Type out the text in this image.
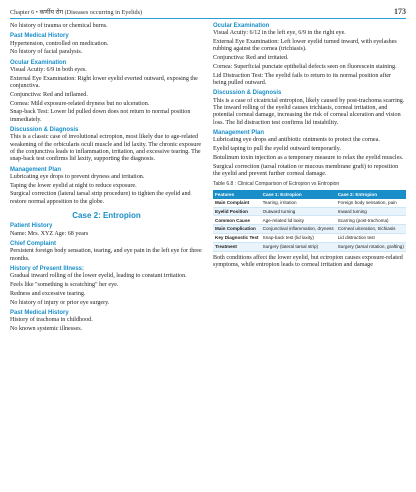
Chapter 6 • कर्णीय रोग (Diseases occurring in Eyelids)	173

No history of trauma or chemical burns.

Past Medical History

Hypertension, controlled on medication.

No history of facial paralysis.

Ocular Examination

Visual Acuity: 6/9 in both eyes.

External Eye Examination: Right lower eyelid everted outward, exposing the conjunctiva.

Conjunctiva: Red and inflamed.

Cornea: Mild exposure-related dryness but no ulceration.

Snap-back Test: Lower lid pulled down does not return to normal position immediately.

Discussion & Diagnosis

This is a classic case of involutional ectropion, most likely due to age-related weakening of the orbicularis oculi muscle and lid laxity. The chronic exposure of the conjunctiva leads to inflammation, irritation, and excessive tearing. The snap-back test confirms lid laxity, supporting the diagnosis.

Management Plan

Lubricating eye drops to prevent dryness and irritation.

Taping the lower eyelid at night to reduce exposure.

Surgical correction (lateral tarsal strip procedure) to tighten the eyelid and restore normal apposition to the globe.

Case 2: Entropion
Patient History

Name: Mrs. XYZ Age: 68 years

Chief Complaint

Persistent foreign body sensation, tearing, and eye pain in the left eye for three months.

History of Present Illness:

Gradual inward rolling of the lower eyelid, leading to constant irritation.

Feels like "something is scratching" her eye.

Redness and excessive tearing.

No history of injury or prior eye surgery.

Past Medical History

History of trachoma in childhood.

No known systemic illnesses.

Ocular Examination

Visual Acuity: 6/12 in the left eye, 6/9 in the right eye.

External Eye Examination: Left lower eyelid turned inward, with eyelashes rubbing against the cornea (trichiasis).

Conjunctiva: Red and irritated.

Cornea: Superficial punctate epithelial defects seen on fluorescein staining.

Lid Distraction Test: The eyelid fails to return to its normal position after being pulled outward.

Discussion & Diagnosis

This is a case of cicatricial entropion, likely caused by post-trachoma scarring. The inward rolling of the eyelid causes trichiasis, corneal irritation, and potential corneal damage, increasing the risk of corneal ulceration and vision loss. The lid distraction test confirms lid instability.

Management Plan

Lubricating eye drops and antibiotic ointments to protect the cornea.

Eyelid taping to pull the eyelid outward temporarily.

Botulinum toxin injection as a temporary measure to relax the eyelid muscles.

Surgical correction (tarsal rotation or mucous membrane graft) to reposition the eyelid and prevent further corneal damage.

Table 6.8 : Clinical Comparison of Ectropion vs Entropion
Features	Case 1: Ectropion	Case 2: Entropion
Main Complaint	Tearing, irritation	Foreign body sensation, pain
Eyelid Position	Outward turning	Inward turning
Common Cause	Age-related lid laxity	Scarring (post-trachoma)
Main Complication	Conjunctival inflammation, dryness	Corneal ulceration, trichiasis
Key Diagnostic Test	Snap-back test (lid laxity)	Lid distraction test
Treatment	Surgery (lateral tarsal strip)	Surgery (tarsal rotation, grafting)

Both conditions affect the lower eyelid, but ectropion causes exposure-related symptoms, while entropion leads to corneal irritation and damage
